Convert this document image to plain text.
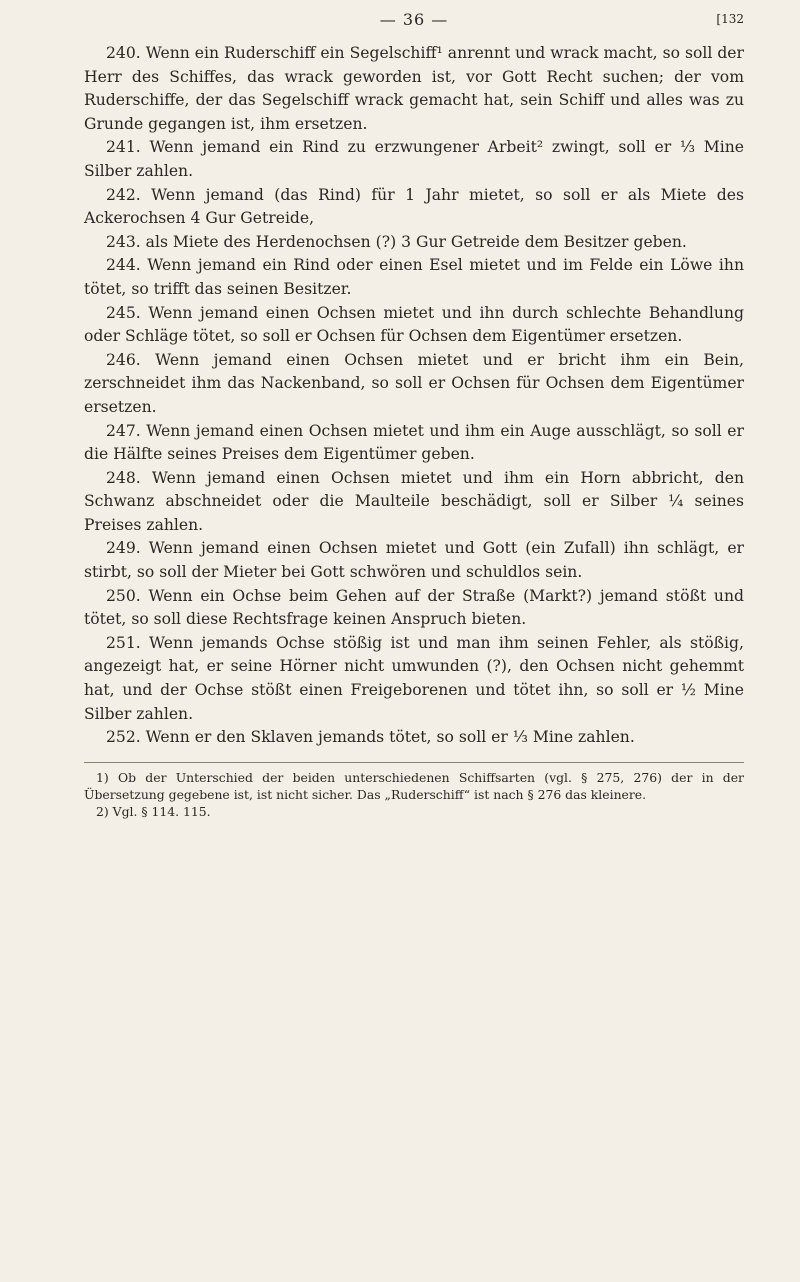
— 36 —	[132

240. Wenn ein Ruderschiff ein Segelschiff¹ anrennt und wrack macht, so soll der Herr des Schiffes, das wrack geworden ist, vor Gott Recht suchen; der vom Ruderschiffe, der das Segelschiff wrack gemacht hat, sein Schiff und alles was zu Grunde gegangen ist, ihm ersetzen.

241. Wenn jemand ein Rind zu erzwungener Arbeit² zwingt, soll er ⅓ Mine Silber zahlen.

242. Wenn jemand (das Rind) für 1 Jahr mietet, so soll er als Miete des Ackerochsen 4 Gur Getreide,

243. als Miete des Herdenochsen (?) 3 Gur Getreide dem Besitzer geben.

244. Wenn jemand ein Rind oder einen Esel mietet und im Felde ein Löwe ihn tötet, so trifft das seinen Besitzer.

245. Wenn jemand einen Ochsen mietet und ihn durch schlechte Behandlung oder Schläge tötet, so soll er Ochsen für Ochsen dem Eigentümer ersetzen.

246. Wenn jemand einen Ochsen mietet und er bricht ihm ein Bein, zerschneidet ihm das Nackenband, so soll er Ochsen für Ochsen dem Eigentümer ersetzen.

247. Wenn jemand einen Ochsen mietet und ihm ein Auge ausschlägt, so soll er die Hälfte seines Preises dem Eigentümer geben.

248. Wenn jemand einen Ochsen mietet und ihm ein Horn abbricht, den Schwanz abschneidet oder die Maulteile beschädigt, soll er Silber ¼ seines Preises zahlen.

249. Wenn jemand einen Ochsen mietet und Gott (ein Zufall) ihn schlägt, er stirbt, so soll der Mieter bei Gott schwören und schuldlos sein.

250. Wenn ein Ochse beim Gehen auf der Straße (Markt?) jemand stößt und tötet, so soll diese Rechtsfrage keinen Anspruch bieten.

251. Wenn jemands Ochse stößig ist und man ihm seinen Fehler, als stößig, angezeigt hat, er seine Hörner nicht umwunden (?), den Ochsen nicht gehemmt hat, und der Ochse stößt einen Freigeborenen und tötet ihn, so soll er ½ Mine Silber zahlen.

252. Wenn er den Sklaven jemands tötet, so soll er ⅓ Mine zahlen.

1) Ob der Unterschied der beiden unterschiedenen Schiffsarten (vgl. § 275, 276) der in der Übersetzung gegebene ist, ist nicht sicher. Das „Ruderschiff“ ist nach § 276 das kleinere.

2) Vgl. § 114. 115.
